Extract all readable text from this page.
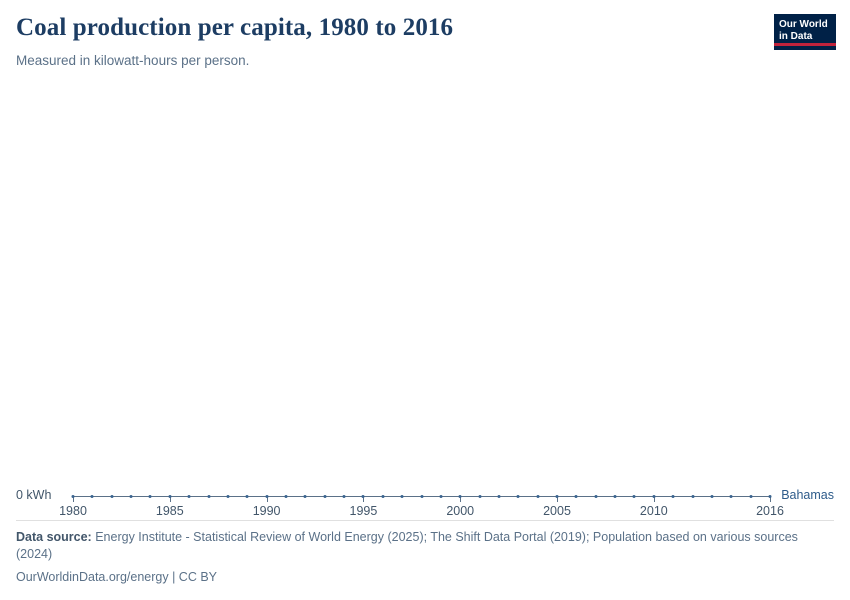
Coal production per capita, 1980 to 2016

Measured in kilowatt-hours per person.

Our World
in Data
0 kWh	Bahamas
1980	1985	1990	1995	2000	2005	2010	2016
Data source: Energy Institute - Statistical Review of World Energy (2025); The Shift Data Portal (2019); Population based on various sources (2024)
OurWorldinData.org/energy | CC BY
